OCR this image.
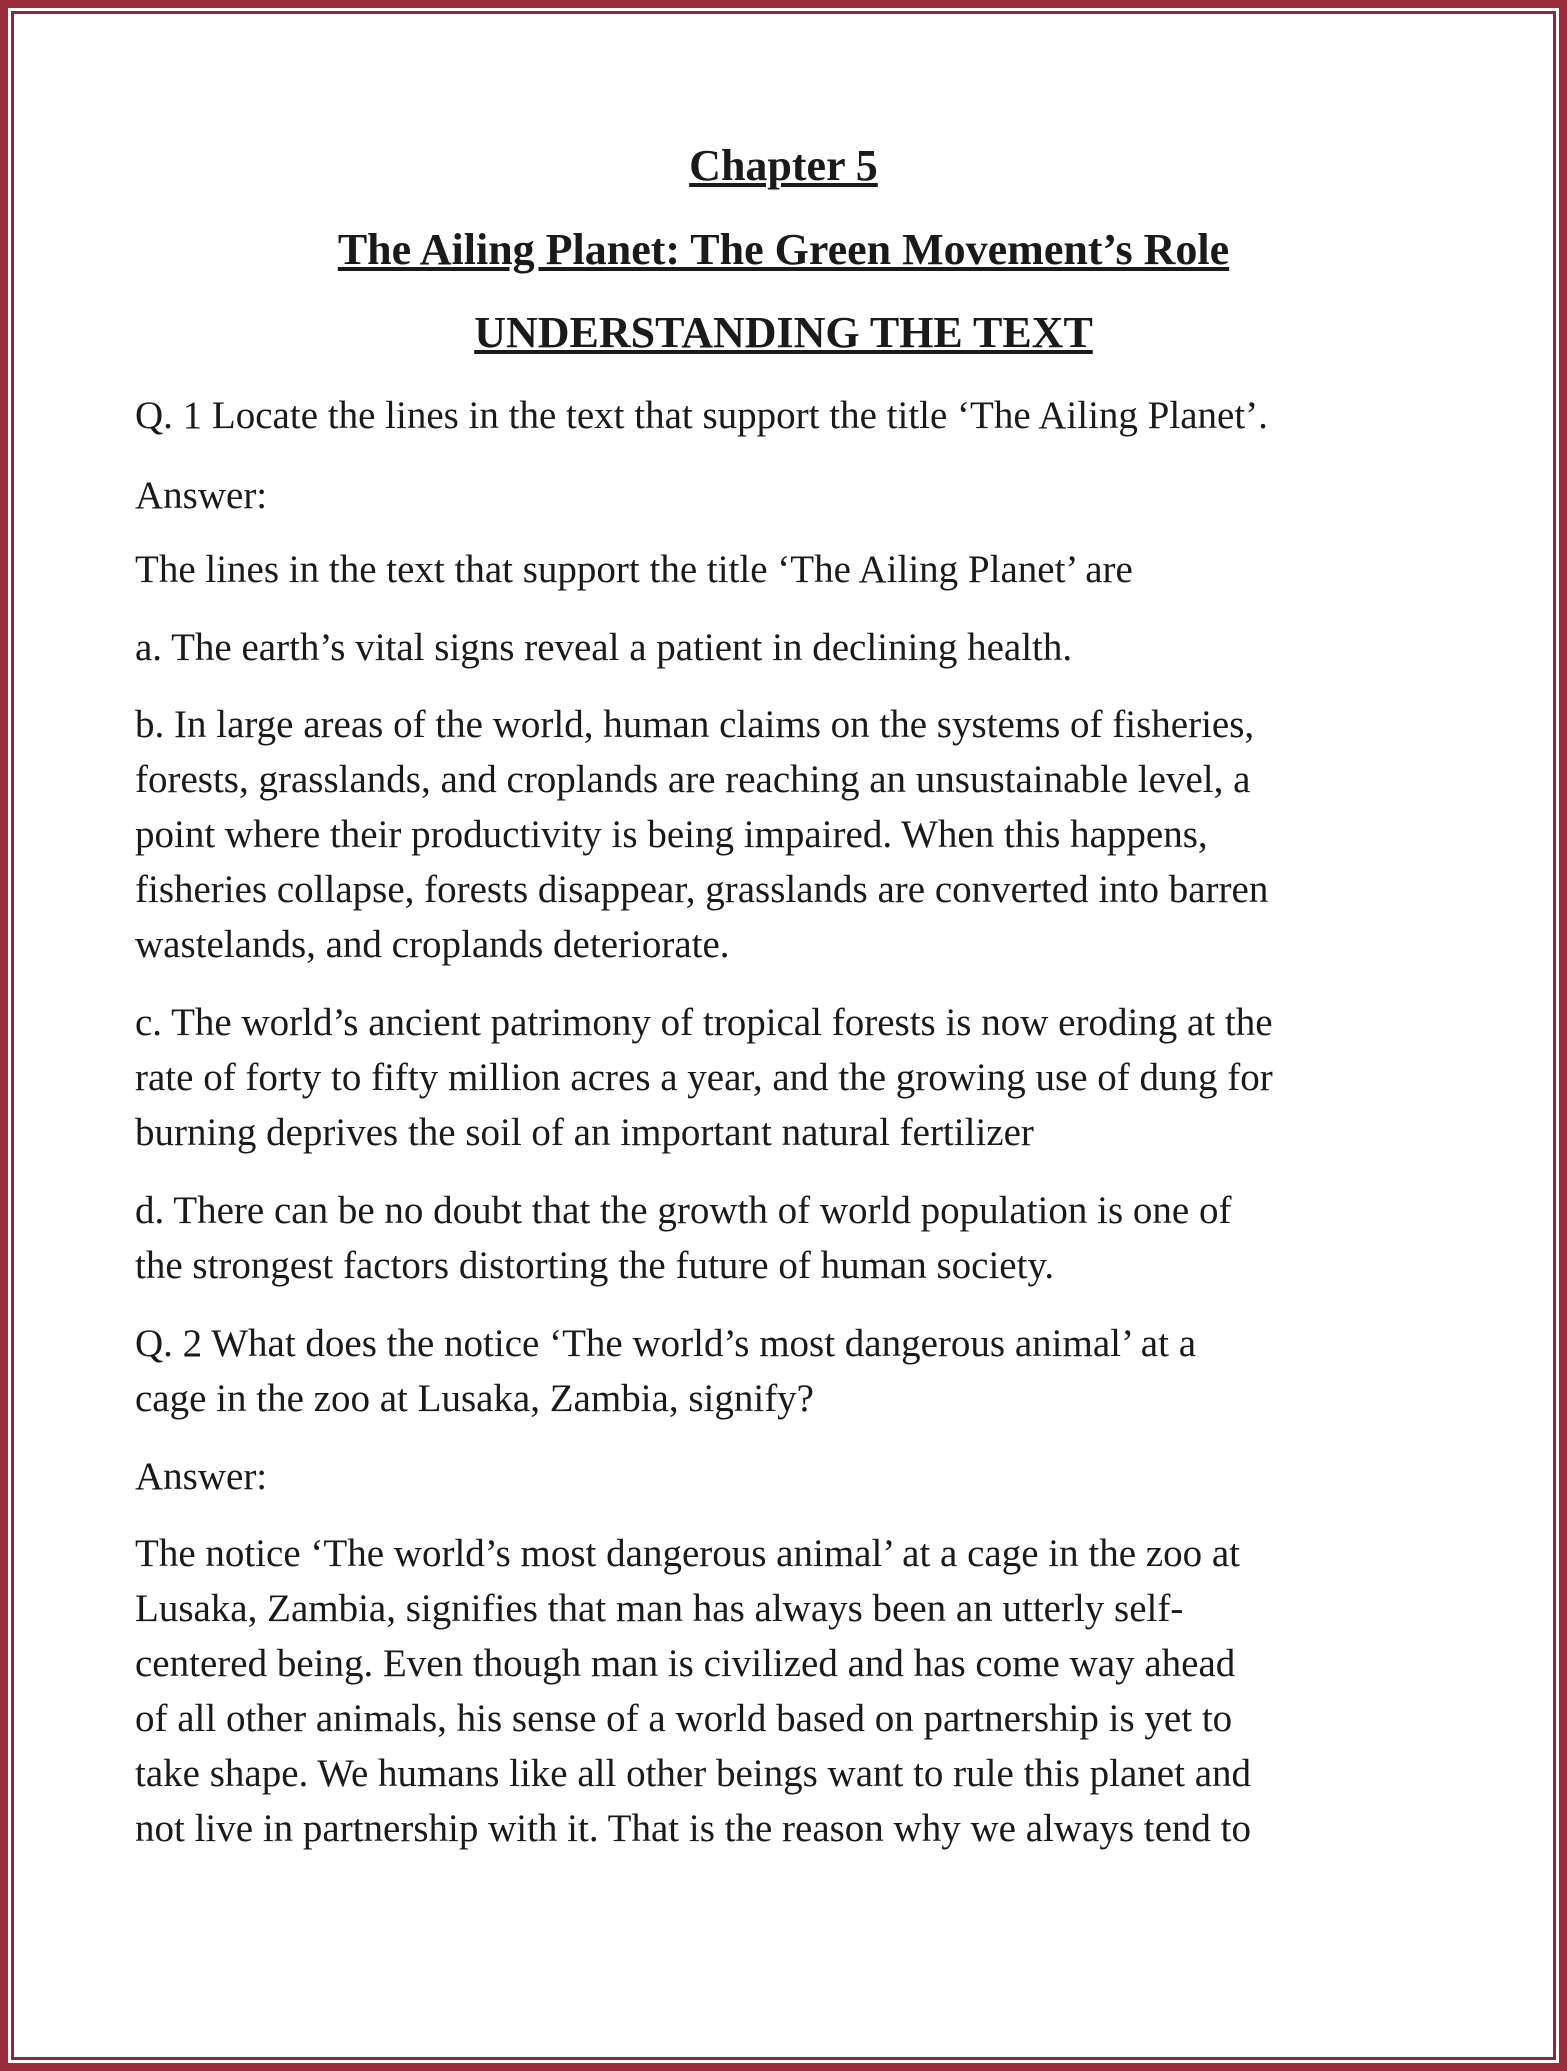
Chapter 5
The Ailing Planet: The Green Movement’s Role
UNDERSTANDING THE TEXT
Q. 1 Locate the lines in the text that support the title ‘The Ailing Planet’.
Answer:
The lines in the text that support the title ‘The Ailing Planet’ are
a. The earth’s vital signs reveal a patient in declining health.
b. In large areas of the world, human claims on the systems of fisheries,
forests, grasslands, and croplands are reaching an unsustainable level, a
point where their productivity is being impaired. When this happens,
fisheries collapse, forests disappear, grasslands are converted into barren
wastelands, and croplands deteriorate.
c. The world’s ancient patrimony of tropical forests is now eroding at the
rate of forty to fifty million acres a year, and the growing use of dung for
burning deprives the soil of an important natural fertilizer
d. There can be no doubt that the growth of world population is one of
the strongest factors distorting the future of human society.
Q. 2 What does the notice ‘The world’s most dangerous animal’ at a
cage in the zoo at Lusaka, Zambia, signify?
Answer:
The notice ‘The world’s most dangerous animal’ at a cage in the zoo at
Lusaka, Zambia, signifies that man has always been an utterly self-
centered being. Even though man is civilized and has come way ahead
of all other animals, his sense of a world based on partnership is yet to
take shape. We humans like all other beings want to rule this planet and
not live in partnership with it. That is the reason why we always tend to
